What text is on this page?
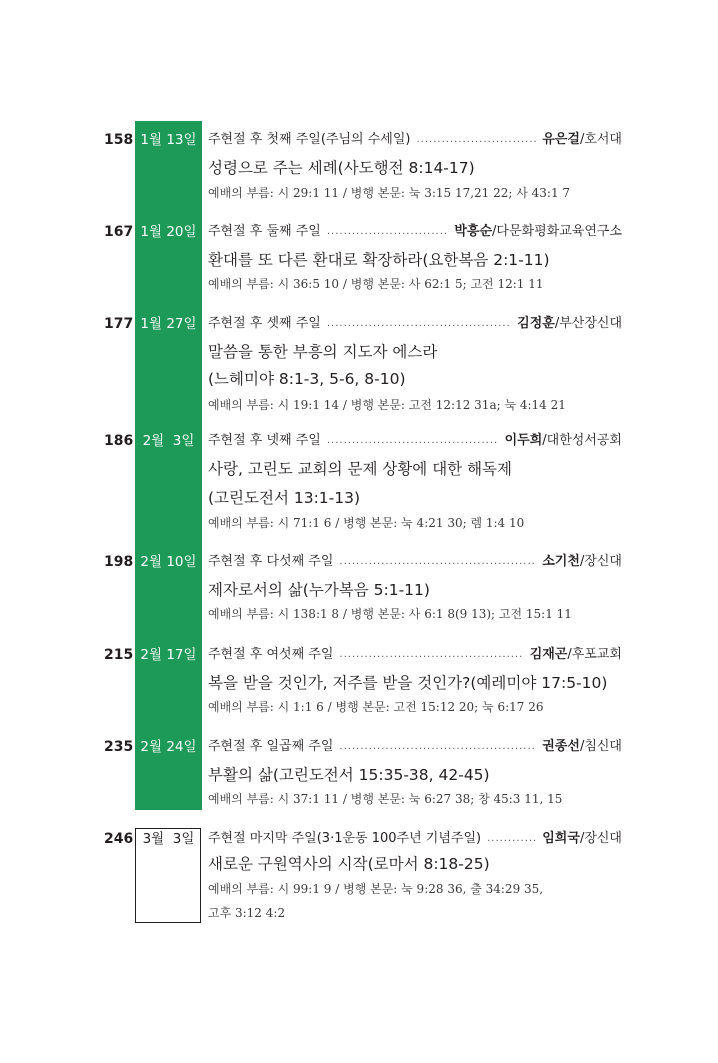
158 1월 13일 주현절 후 첫째 주일(주님의 수세일) .....	유은걸 /호서대
성령으로 주는 세례(사도행전 8:14-17)
예배의 부름: 시 29:1 11 / 병행 본문: 눅 3:15 17,21 22; 사 43:1 7
167 1월 20일 주현절 후 둘째 주일 .....	박흥순 /다문화평화교육연구소
환대를 또 다른 환대로 확장하라(요한복음 2:1-11)
예배의 부름: 시 36:5 10 / 병행 본문: 사 62:1 5; 고전 12:1 11
177 1월 27일 주현절 후 셋째 주일 .....	김정훈 /부산장신대
말씀을 통한 부흥의 지도자 에스라
(느헤미야 8:1-3, 5-6, 8-10)
예배의 부름: 시 19:1 14 / 병행 본문: 고전 12:12 31a; 눅 4:14 21
186 2월  3일	주현절 후 넷째 주일 .....	이두희 /대한성서공회
사랑, 고린도 교회의 문제 상황에 대한 해독제
(고린도전서 13:1-13)
예배의 부름: 시 71:1 6 / 병행 본문: 눅 4:21 30; 렘 1:4 10
198 2월 10일 주현절 후 다섯째 주일 .....	소기천 /장신대
제자로서의 삶(누가복음 5:1-11)
예배의 부름: 시 138:1 8 / 병행 본문: 사 6:1 8(9 13); 고전 15:1 11
215 2월 17일 주현절 후 여섯째 주일 .....	김재곤 /후포교회
복을 받을 것인가, 저주를 받을 것인가?(예레미야 17:5-10)
예배의 부름: 시 1:1 6 / 병행 본문: 고전 15:12 20; 눅 6:17 26
235 2월 24일 주현절 후 일곱째 주일 .....	권종선 /침신대
부활의 삶(고린도전서 15:35-38, 42-45)
예배의 부름: 시 37:1 11 / 병행 본문: 눅 6:27 38; 창 45:3 11, 15
246 3월  3일	주현절 마지막 주일(3·1운동 100주년 기념주일) .....	임희국 /장신대
새로운 구원역사의 시작(로마서 8:18-25)
예배의 부름: 시 99:1 9 / 병행 본문: 눅 9:28 36, 출 34:29 35,
고후 3:12 4:2
